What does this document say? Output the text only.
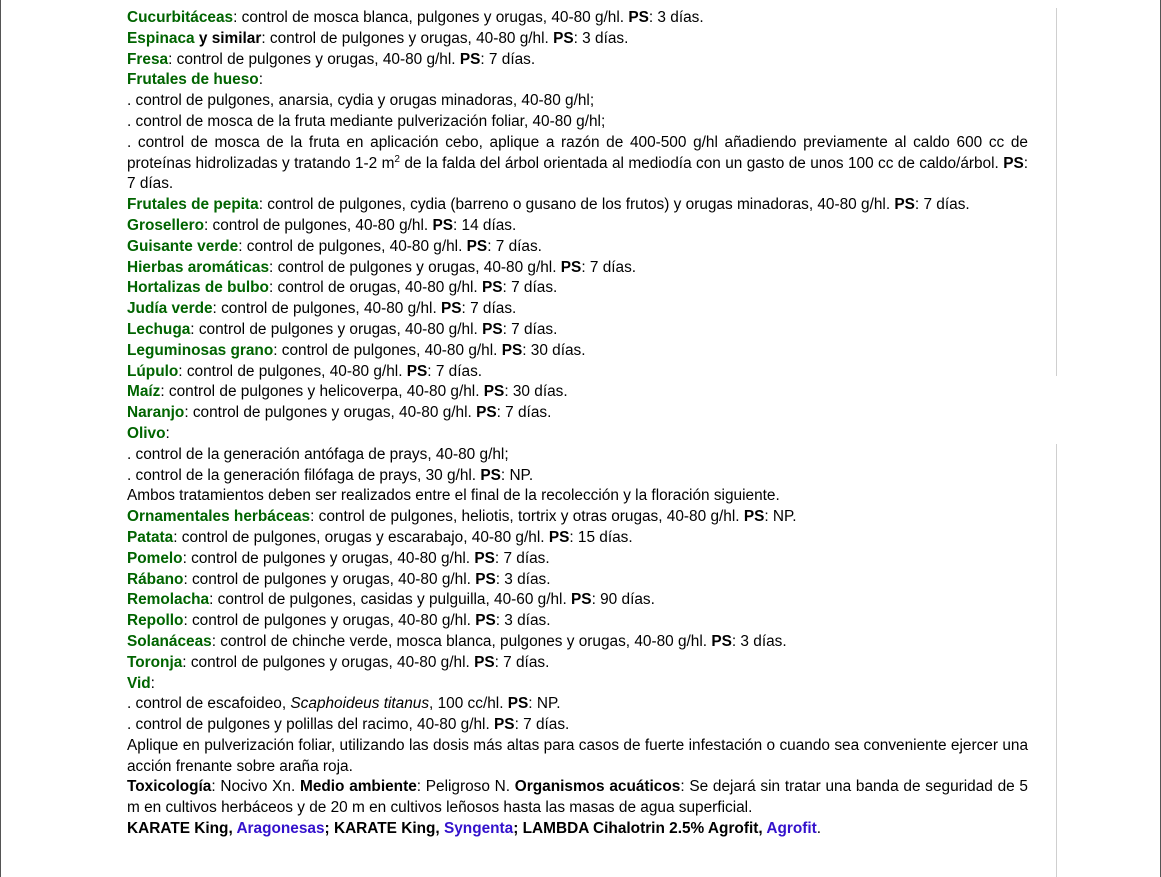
Cucurbitáceas: control de mosca blanca, pulgones y orugas, 40-80 g/hl. PS: 3 días.

Espinaca y similar: control de pulgones y orugas, 40-80 g/hl. PS: 3 días.

Fresa: control de pulgones y orugas, 40-80 g/hl. PS: 7 días.

Frutales de hueso:

. control de pulgones, anarsia, cydia y orugas minadoras, 40-80 g/hl;

. control de mosca de la fruta mediante pulverización foliar, 40-80 g/hl;

. control de mosca de la fruta en aplicación cebo, aplique a razón de 400-500 g/hl añadiendo previamente al caldo 600 cc de proteínas hidrolizadas y tratando 1-2 $m^2$ de la falda del árbol orientada al mediodía con un gasto de unos 100 cc de caldo/árbol. PS: 7 días.

Frutales de pepita: control de pulgones, cydia (barreno o gusano de los frutos) y orugas minadoras, 40-80 g/hl. PS: 7 días.

Grosellero: control de pulgones, 40-80 g/hl. PS: 14 días.

Guisante verde: control de pulgones, 40-80 g/hl. PS: 7 días.

Hierbas aromáticas: control de pulgones y orugas, 40-80 g/hl. PS: 7 días.

Hortalizas de bulbo: control de orugas, 40-80 g/hl. PS: 7 días.

Judía verde: control de pulgones, 40-80 g/hl. PS: 7 días.

Lechuga: control de pulgones y orugas, 40-80 g/hl. PS: 7 días.

Leguminosas grano: control de pulgones, 40-80 g/hl. PS: 30 días.

Lúpulo: control de pulgones, 40-80 g/hl. PS: 7 días.

Maíz: control de pulgones y helicoverpa, 40-80 g/hl. PS: 30 días.

Naranjo: control de pulgones y orugas, 40-80 g/hl. PS: 7 días.

Olivo:

. control de la generación antófaga de prays, 40-80 g/hl;

. control de la generación filófaga de prays, 30 g/hl. PS: NP.

Ambos tratamientos deben ser realizados entre el final de la recolección y la floración siguiente.

Ornamentales herbáceas: control de pulgones, heliotis, tortrix y otras orugas, 40-80 g/hl. PS: NP.

Patata: control de pulgones, orugas y escarabajo, 40-80 g/hl. PS: 15 días.

Pomelo: control de pulgones y orugas, 40-80 g/hl. PS: 7 días.

Rábano: control de pulgones y orugas, 40-80 g/hl. PS: 3 días.

Remolacha: control de pulgones, casidas y pulguilla, 40-60 g/hl. PS: 90 días.

Repollo: control de pulgones y orugas, 40-80 g/hl. PS: 3 días.

Solanáceas: control de chinche verde, mosca blanca, pulgones y orugas, 40-80 g/hl. PS: 3 días.

Toronja: control de pulgones y orugas, 40-80 g/hl. PS: 7 días.

Vid:

. control de escafoideo, Scaphoideus titanus, 100 cc/hl. PS: NP.

. control de pulgones y polillas del racimo, 40-80 g/hl. PS: 7 días.

Aplique en pulverización foliar, utilizando las dosis más altas para casos de fuerte infestación o cuando sea conveniente ejercer una acción frenante sobre araña roja.

Toxicología: Nocivo Xn. Medio ambiente: Peligroso N. Organismos acuáticos: Se dejará sin tratar una banda de seguridad de 5 m en cultivos herbáceos y de 20 m en cultivos leñosos hasta las masas de agua superficial.

KARATE King, Aragonesas; KARATE King, Syngenta; LAMBDA Cihalotrin 2.5% Agrofit, Agrofit.
